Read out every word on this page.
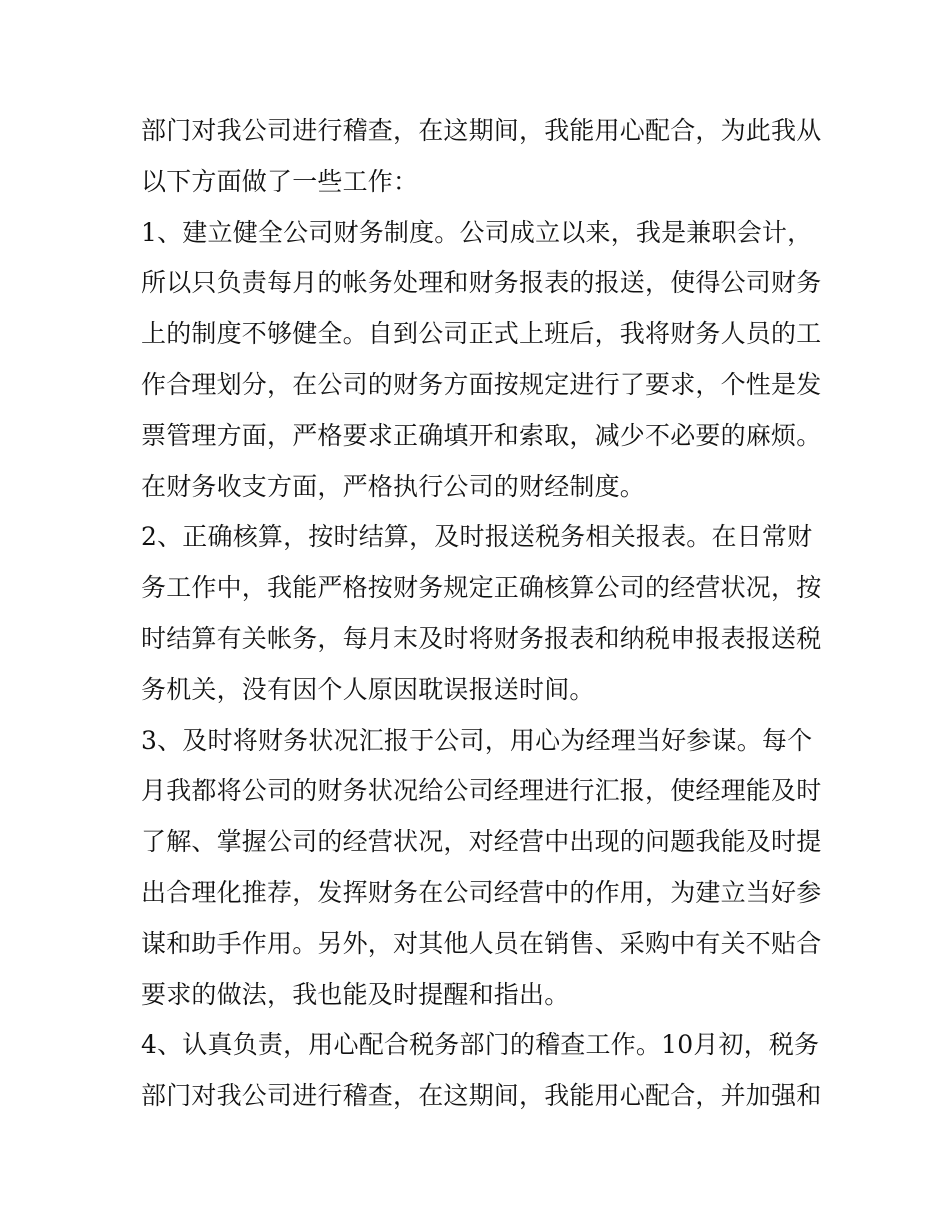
部门对我公司进行稽查，在这期间，我能用心配合，为此我从
以下方面做了一些工作：
1、建立健全公司财务制度。公司成立以来，我是兼职会计，
所以只负责每月的帐务处理和财务报表的报送，使得公司财务
上的制度不够健全。自到公司正式上班后，我将财务人员的工
作合理划分，在公司的财务方面按规定进行了要求，个性是发
票管理方面，严格要求正确填开和索取，减少不必要的麻烦。
在财务收支方面，严格执行公司的财经制度。
2、正确核算，按时结算，及时报送税务相关报表。在日常财
务工作中，我能严格按财务规定正确核算公司的经营状况，按
时结算有关帐务，每月末及时将财务报表和纳税申报表报送税
务机关，没有因个人原因耽误报送时间。
3、及时将财务状况汇报于公司，用心为经理当好参谋。每个
月我都将公司的财务状况给公司经理进行汇报，使经理能及时
了解、掌握公司的经营状况，对经营中出现的问题我能及时提
出合理化推荐，发挥财务在公司经营中的作用，为建立当好参
谋和助手作用。另外，对其他人员在销售、采购中有关不贴合
要求的做法，我也能及时提醒和指出。
4、认真负责，用心配合税务部门的稽查工作。10月初，税务
部门对我公司进行稽查，在这期间，我能用心配合，并加强和
